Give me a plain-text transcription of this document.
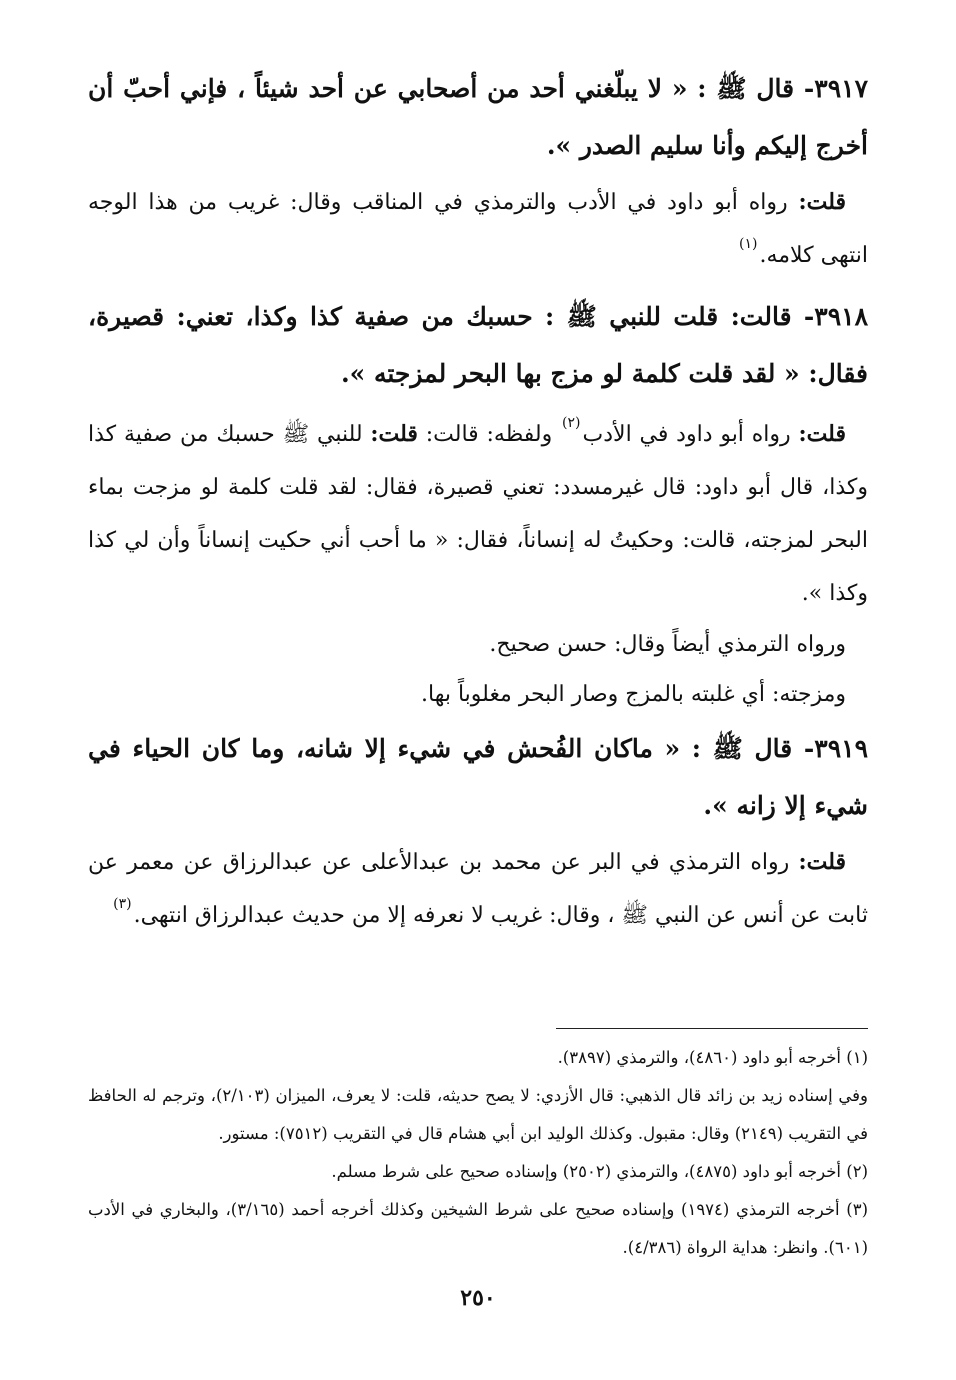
٣٩١٧- قال ﷺ : « لا يبلّغني أحد من أصحابي عن أحد شيئاً ، فإني أحبّ أن أخرج إليكم وأنا سليم الصدر ».

قلت: رواه أبو داود في الأدب والترمذي في المناقب وقال: غريب من هذا الوجه انتهى كلامه.$^{(١)}$

٣٩١٨- قالت: قلت للنبي ﷺ : حسبك من صفية كذا وكذا، تعني: قصيرة، فقال: « لقد قلت كلمة لو مزج بها البحر لمزجته ».

قلت: رواه أبو داود في الأدب$^{(٢)}$ ولفظه: قالت: قلت: للنبي ﷺ حسبك من صفية كذا وكذا، قال أبو داود: قال غيرمسدد: تعني قصيرة، فقال: لقد قلت كلمة لو مزجت بماء البحر لمزجته، قالت: وحكيتُ له إنساناً، فقال: « ما أحب أني حكيت إنساناً وأن لي كذا وكذا ».

ورواه الترمذي أيضاً وقال: حسن صحيح.

ومزجته: أي غلبته بالمزج وصار البحر مغلوباً بها.

٣٩١٩- قال ﷺ : « ماكان الفُحش في شيء إلا شانه، وما كان الحياء في شيء إلا زانه ».

قلت: رواه الترمذي في البر عن محمد بن عبدالأعلى عن عبدالرزاق عن معمر عن ثابت عن أنس عن النبي ﷺ ، وقال: غريب لا نعرفه إلا من حديث عبدالرزاق انتهى.$^{(٣)}$

(١) أخرجه أبو داود (٤٨٦٠)، والترمذي (٣٨٩٧).

وفي إسناده زيد بن زائد قال الذهبي: قال الأزدي: لا يصح حديثه، قلت: لا يعرف، الميزان (٢/١٠٣)، وترجم له الحافظ في التقريب (٢١٤٩) وقال: مقبول. وكذلك الوليد ابن أبي هشام قال في التقريب (٧٥١٢): مستور.

(٢) أخرجه أبو داود (٤٨٧٥)، والترمذي (٢٥٠٢) وإسناده صحيح على شرط مسلم.

(٣) أخرجه الترمذي (١٩٧٤) وإسناده صحيح على شرط الشيخين وكذلك أخرجه أحمد (٣/١٦٥)، والبخاري في الأدب (٦٠١). وانظر: هداية الرواة (٤/٣٨٦).

٢٥٠
